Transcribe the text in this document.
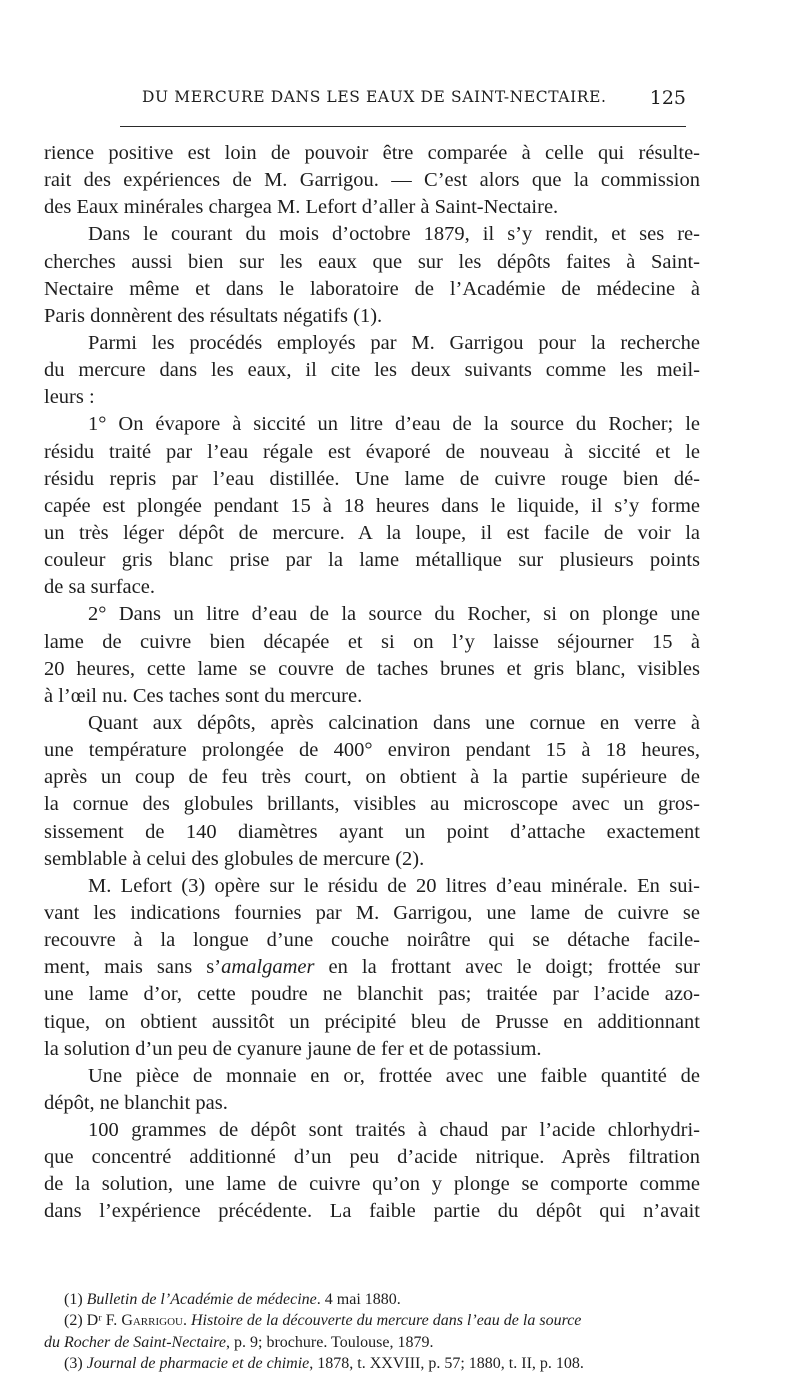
DU MERCURE DANS LES EAUX DE SAINT-NECTAIRE. 125
rience positive est loin de pouvoir être comparée à celle qui résulte-
rait des expériences de M. Garrigou. — C’est alors que la commission
des Eaux minérales chargea M. Lefort d’aller à Saint-Nectaire.
Dans le courant du mois d’octobre 1879, il s’y rendit, et ses re-
cherches aussi bien sur les eaux que sur les dépôts faites à Saint-
Nectaire même et dans le laboratoire de l’Académie de médecine à
Paris donnèrent des résultats négatifs (1).
Parmi les procédés employés par M. Garrigou pour la recherche
du mercure dans les eaux, il cite les deux suivants comme les meil-
leurs :
1° On évapore à siccité un litre d’eau de la source du Rocher; le
résidu traité par l’eau régale est évaporé de nouveau à siccité et le
résidu repris par l’eau distillée. Une lame de cuivre rouge bien dé-
capée est plongée pendant 15 à 18 heures dans le liquide, il s’y forme
un très léger dépôt de mercure. A la loupe, il est facile de voir la
couleur gris blanc prise par la lame métallique sur plusieurs points
de sa surface.
2° Dans un litre d’eau de la source du Rocher, si on plonge une
lame de cuivre bien décapée et si on l’y laisse séjourner 15 à
20 heures, cette lame se couvre de taches brunes et gris blanc, visibles
à l’œil nu. Ces taches sont du mercure.
Quant aux dépôts, après calcination dans une cornue en verre à
une température prolongée de 400° environ pendant 15 à 18 heures,
après un coup de feu très court, on obtient à la partie supérieure de
la cornue des globules brillants, visibles au microscope avec un gros-
sissement de 140 diamètres ayant un point d’attache exactement
semblable à celui des globules de mercure (2).
M. Lefort (3) opère sur le résidu de 20 litres d’eau minérale. En sui-
vant les indications fournies par M. Garrigou, une lame de cuivre se
recouvre à la longue d’une couche noirâtre qui se détache facile-
ment, mais sans s’amalgamer en la frottant avec le doigt; frottée sur
une lame d’or, cette poudre ne blanchit pas; traitée par l’acide azo-
tique, on obtient aussitôt un précipité bleu de Prusse en additionnant
la solution d’un peu de cyanure jaune de fer et de potassium.
Une pièce de monnaie en or, frottée avec une faible quantité de
dépôt, ne blanchit pas.
100 grammes de dépôt sont traités à chaud par l’acide chlorhydri-
que concentré additionné d’un peu d’acide nitrique. Après filtration
de la solution, une lame de cuivre qu’on y plonge se comporte comme
dans l’expérience précédente. La faible partie du dépôt qui n’avait
(1) Bulletin de l’Académie de médecine. 4 mai 1880.
(2) Dʳ F. Garrigou. Histoire de la découverte du mercure dans l’eau de la source
du Rocher de Saint-Nectaire, p. 9; brochure. Toulouse, 1879.
(3) Journal de pharmacie et de chimie, 1878, t. XXVIII, p. 57; 1880, t. II, p. 108.
